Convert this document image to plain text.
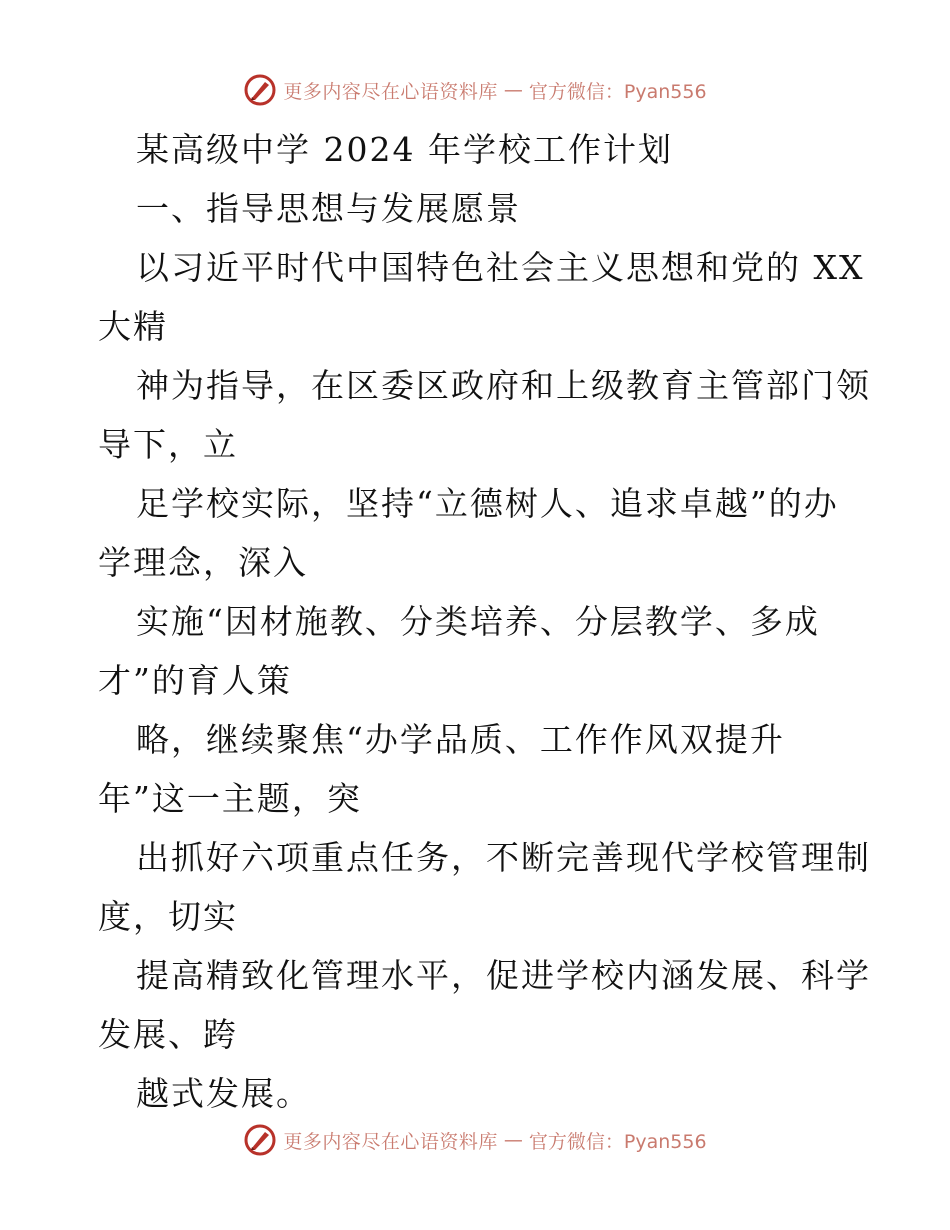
更多内容尽在心语资料库 — 官方微信：Pyan556
某高级中学 2024 年学校工作计划
一、指导思想与发展愿景
以习近平时代中国特色社会主义思想和党的 XX
大精
神为指导，在区委区政府和上级教育主管部门领
导下，立
足学校实际，坚持“立德树人、追求卓越”的办
学理念，深入
实施“因材施教、分类培养、分层教学、多成
才”的育人策
略，继续聚焦“办学品质、工作作风双提升
年”这一主题，突
出抓好六项重点任务，不断完善现代学校管理制
度，切实
提高精致化管理水平，促进学校内涵发展、科学
发展、跨
越式发展。
更多内容尽在心语资料库 — 官方微信：Pyan556
